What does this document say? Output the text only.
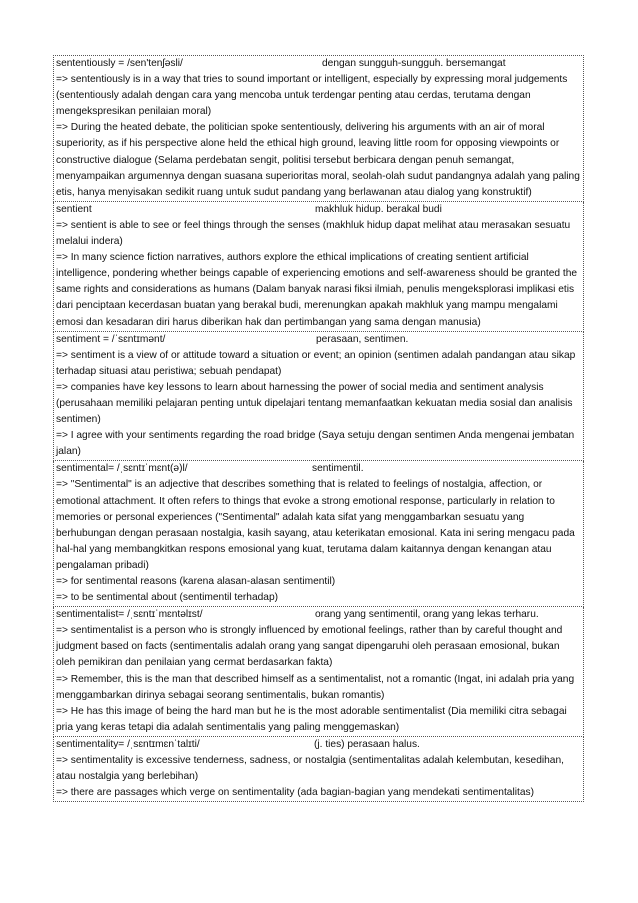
sententiously = /sen'tenʃəsli/	dengan sungguh-sungguh. bersemangat
=> sententiously is in a way that tries to sound important or intelligent, especially by expressing moral judgements (sententiously adalah dengan cara yang mencoba untuk terdengar penting atau cerdas, terutama dengan mengekspresikan penilaian moral)
=> During the heated debate, the politician spoke sententiously, delivering his arguments with an air of moral superiority, as if his perspective alone held the ethical high ground, leaving little room for opposing viewpoints or constructive dialogue (Selama perdebatan sengit, politisi tersebut berbicara dengan penuh semangat, menyampaikan argumennya dengan suasana superioritas moral, seolah-olah sudut pandangnya adalah yang paling etis, hanya menyisakan sedikit ruang untuk sudut pandang yang berlawanan atau dialog yang konstruktif)
sentient	makhluk hidup. berakal budi
=> sentient is able to see or feel things through the senses (makhluk hidup dapat melihat atau merasakan sesuatu melalui indera)
=> In many science fiction narratives, authors explore the ethical implications of creating sentient artificial intelligence, pondering whether beings capable of experiencing emotions and self-awareness should be granted the same rights and considerations as humans (Dalam banyak narasi fiksi ilmiah, penulis mengeksplorasi implikasi etis dari penciptaan kecerdasan buatan yang berakal budi, merenungkan apakah makhluk yang mampu mengalami emosi dan kesadaran diri harus diberikan hak dan pertimbangan yang sama dengan manusia)
sentiment = /ˈsɛntɪmənt/	perasaan, sentimen.
=> sentiment is a view of or attitude toward a situation or event; an opinion (sentimen adalah pandangan atau sikap terhadap situasi atau peristiwa; sebuah pendapat)
=> companies have key lessons to learn about harnessing the power of social media and sentiment analysis (perusahaan memiliki pelajaran penting untuk dipelajari tentang memanfaatkan kekuatan media sosial dan analisis sentimen)
=> I agree with your sentiments regarding the road bridge (Saya setuju dengan sentimen Anda mengenai jembatan jalan)
sentimental= /ˌsɛntɪˈmɛnt(ə)l/	sentimentil.
=> "Sentimental" is an adjective that describes something that is related to feelings of nostalgia, affection, or emotional attachment. It often refers to things that evoke a strong emotional response, particularly in relation to memories or personal experiences ("Sentimental" adalah kata sifat yang menggambarkan sesuatu yang berhubungan dengan perasaan nostalgia, kasih sayang, atau keterikatan emosional. Kata ini sering mengacu pada hal-hal yang membangkitkan respons emosional yang kuat, terutama dalam kaitannya dengan kenangan atau pengalaman pribadi)
=> for sentimental reasons (karena alasan-alasan sentimentil)
=> to be sentimental about (sentimentil terhadap)
sentimentalist= /ˌsɛntɪˈmɛntəlɪst/	orang yang sentimentil, orang yang lekas terharu.
=> sentimentalist is a person who is strongly influenced by emotional feelings, rather than by careful thought and judgment based on facts (sentimentalis adalah orang yang sangat dipengaruhi oleh perasaan emosional, bukan oleh pemikiran dan penilaian yang cermat berdasarkan fakta)
=> Remember, this is the man that described himself as a sentimentalist, not a romantic (Ingat, ini adalah pria yang menggambarkan dirinya sebagai seorang sentimentalis, bukan romantis)
=> He has this image of being the hard man but he is the most adorable sentimentalist (Dia memiliki citra sebagai pria yang keras tetapi dia adalah sentimentalis yang paling menggemaskan)
sentimentality= /ˌsɛntɪmɛnˈtalɪti/	(j. ties) perasaan halus.
=> sentimentality is excessive tenderness, sadness, or nostalgia (sentimentalitas adalah kelembutan, kesedihan, atau nostalgia yang berlebihan)
=> there are passages which verge on sentimentality (ada bagian-bagian yang mendekati sentimentalitas)
